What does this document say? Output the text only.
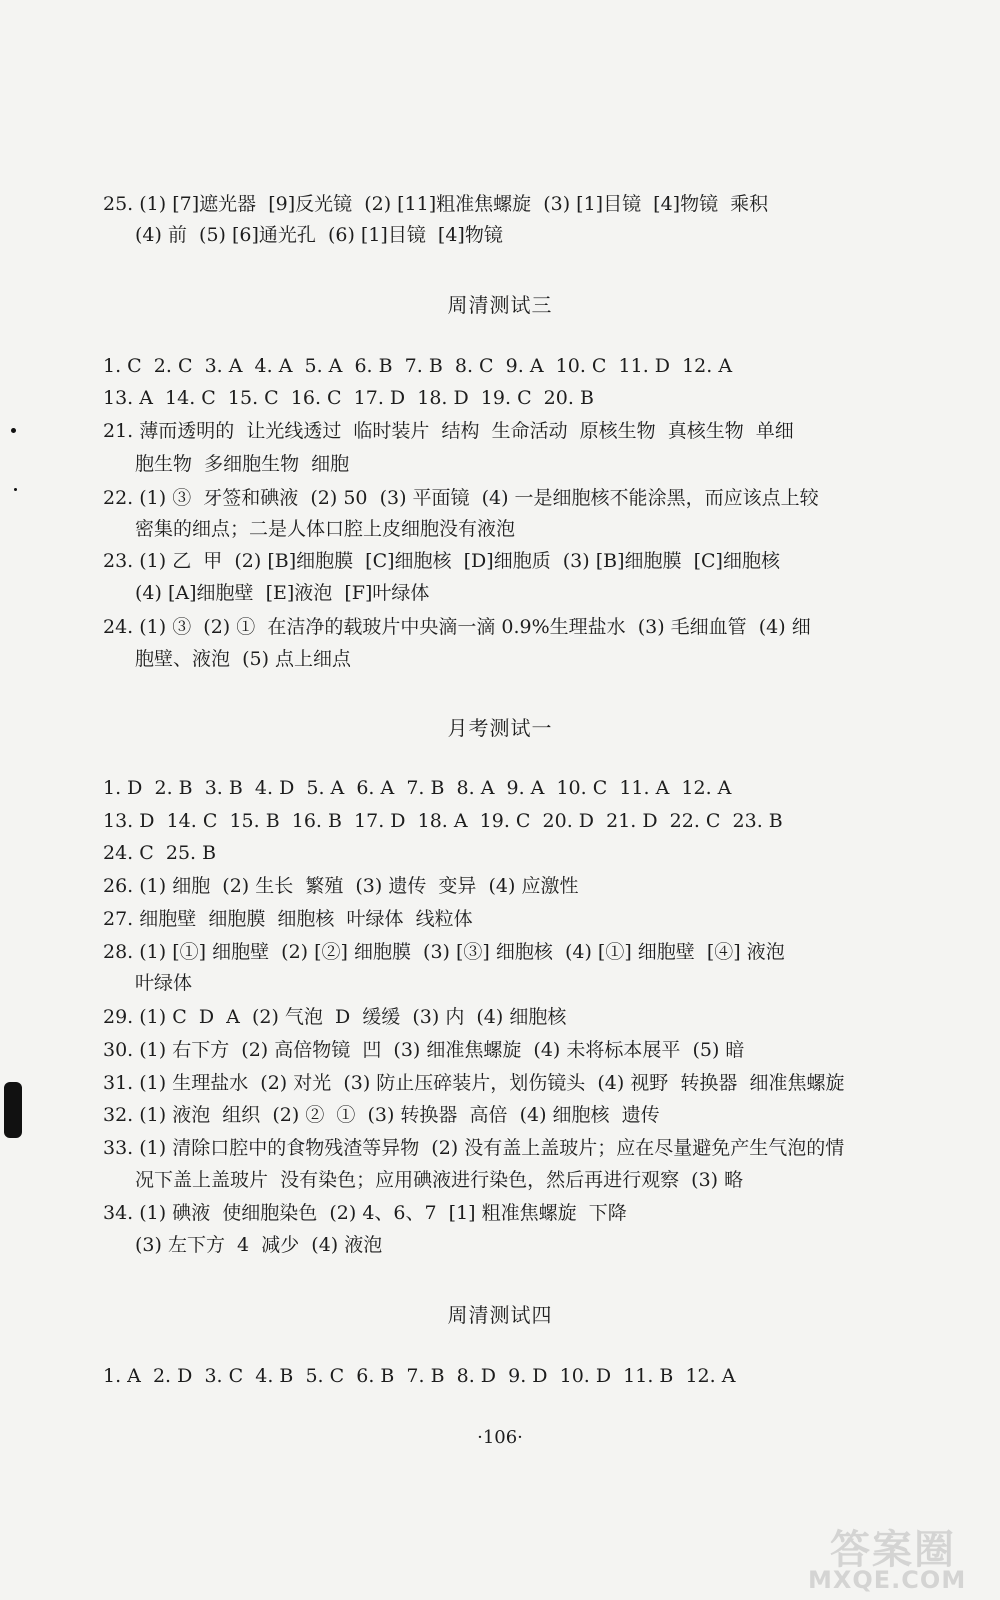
25. (1) [7]遮光器  [9]反光镜  (2) [11]粗准焦螺旋  (3) [1]目镜  [4]物镜  乘积
(4) 前  (5) [6]通光孔  (6) [1]目镜  [4]物镜
周清测试三
1. C  2. C  3. A  4. A  5. A  6. B  7. B  8. C  9. A  10. C  11. D  12. A
13. A  14. C  15. C  16. C  17. D  18. D  19. C  20. B
21. 薄而透明的  让光线透过  临时装片  结构  生命活动  原核生物  真核生物  单细
胞生物  多细胞生物  细胞
22. (1) ③  牙签和碘液  (2) 50  (3) 平面镜  (4) 一是细胞核不能涂黑，而应该点上较
密集的细点；二是人体口腔上皮细胞没有液泡
23. (1) 乙  甲  (2) [B]细胞膜  [C]细胞核  [D]细胞质  (3) [B]细胞膜  [C]细胞核
(4) [A]细胞壁  [E]液泡  [F]叶绿体
24. (1) ③  (2) ①  在洁净的载玻片中央滴一滴 0.9%生理盐水  (3) 毛细血管  (4) 细
胞壁、液泡  (5) 点上细点
月考测试一
1. D  2. B  3. B  4. D  5. A  6. A  7. B  8. A  9. A  10. C  11. A  12. A
13. D  14. C  15. B  16. B  17. D  18. A  19. C  20. D  21. D  22. C  23. B
24. C  25. B
26. (1) 细胞  (2) 生长  繁殖  (3) 遗传  变异  (4) 应激性
27. 细胞壁  细胞膜  细胞核  叶绿体  线粒体
28. (1) [①] 细胞壁  (2) [②] 细胞膜  (3) [③] 细胞核  (4) [①] 细胞壁  [④] 液泡
叶绿体
29. (1) C  D  A  (2) 气泡  D  缓缓  (3) 内  (4) 细胞核
30. (1) 右下方  (2) 高倍物镜  凹  (3) 细准焦螺旋  (4) 未将标本展平  (5) 暗
31. (1) 生理盐水  (2) 对光  (3) 防止压碎装片，划伤镜头  (4) 视野  转换器  细准焦螺旋
32. (1) 液泡  组织  (2) ②  ①  (3) 转换器  高倍  (4) 细胞核  遗传
33. (1) 清除口腔中的食物残渣等异物  (2) 没有盖上盖玻片；应在尽量避免产生气泡的情
况下盖上盖玻片  没有染色；应用碘液进行染色，然后再进行观察  (3) 略
34. (1) 碘液  使细胞染色  (2) 4、6、7  [1] 粗准焦螺旋  下降
(3) 左下方  4  减少  (4) 液泡
周清测试四
1. A  2. D  3. C  4. B  5. C  6. B  7. B  8. D  9. D  10. D  11. B  12. A
·106·
答案圈
MXQE.COM
